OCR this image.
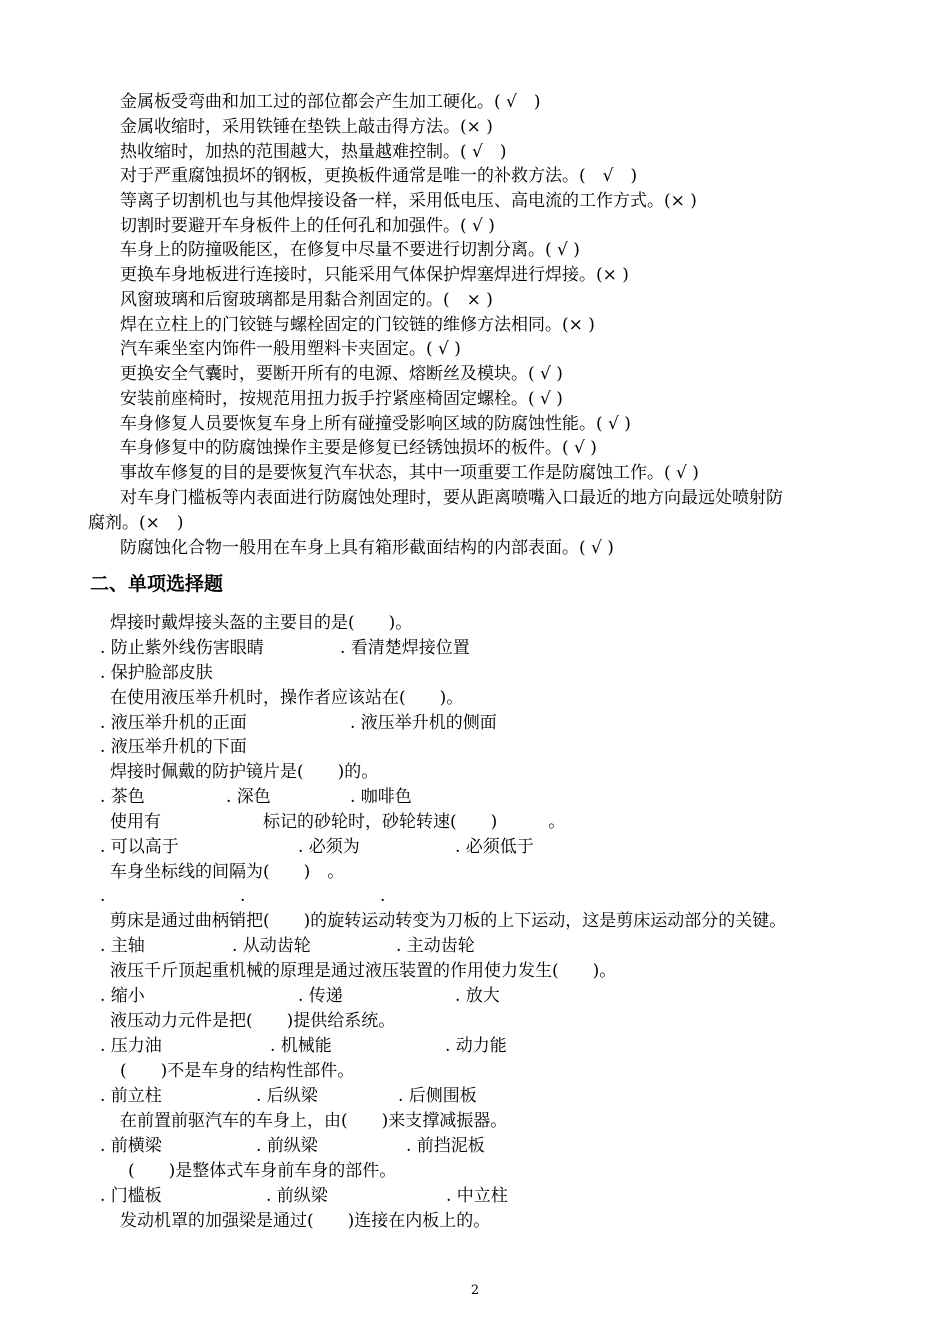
金属板受弯曲和加工过的部位都会产生加工硬化。( √　)
金属收缩时，采用铁锤在垫铁上敲击得方法。(× )
热收缩时，加热的范围越大，热量越难控制。( √　)
对于严重腐蚀损坏的钢板，更换板件通常是唯一的补救方法。(　√　)
等离子切割机也与其他焊接设备一样，采用低电压、高电流的工作方式。(× )
切割时要避开车身板件上的任何孔和加强件。( √ )
车身上的防撞吸能区，在修复中尽量不要进行切割分离。( √ )
更换车身地板进行连接时，只能采用气体保护焊塞焊进行焊接。(× )
风窗玻璃和后窗玻璃都是用黏合剂固定的。(　× )
焊在立柱上的门铰链与螺栓固定的门铰链的维修方法相同。(× )
汽车乘坐室内饰件一般用塑料卡夹固定。( √ )
更换安全气囊时，要断开所有的电源、熔断丝及模块。( √ )
安装前座椅时，按规范用扭力扳手拧紧座椅固定螺栓。( √ )
车身修复人员要恢复车身上所有碰撞受影响区域的防腐蚀性能。( √ )
车身修复中的防腐蚀操作主要是修复已经锈蚀损坏的板件。( √ )
事故车修复的目的是要恢复汽车状态，其中一项重要工作是防腐蚀工作。( √ )
对车身门槛板等内表面进行防腐蚀处理时，要从距离喷嘴入口最近的地方向最远处喷射防
腐剂。(×　)
防腐蚀化合物一般用在车身上具有箱形截面结构的内部表面。( √ )
二、单项选择题
焊接时戴焊接头盔的主要目的是(　　)。
. 防止紫外线伤害眼睛	. 看清楚焊接位置
. 保护脸部皮肤
在使用液压举升机时，操作者应该站在(　　)。
. 液压举升机的正面	. 液压举升机的侧面
. 液压举升机的下面
焊接时佩戴的防护镜片是(　　)的。
. 茶色	. 深色	. 咖啡色
使用有　　　　　　标记的砂轮时，砂轮转速(　　)　　　。
. 可以高于	. 必须为	. 必须低于
车身坐标线的间隔为(　　)　。
.	.	.
剪床是通过曲柄销把(　　)的旋转运动转变为刀板的上下运动，这是剪床运动部分的关键。
. 主轴	. 从动齿轮	. 主动齿轮
液压千斤顶起重机械的原理是通过液压装置的作用使力发生(　　)。
. 缩小	. 传递	. 放大
液压动力元件是把(　　)提供给系统。
. 压力油	. 机械能	. 动力能
(　　)不是车身的结构性部件。
. 前立柱	. 后纵梁	. 后侧围板
在前置前驱汽车的车身上，由(　　)来支撑减振器。
. 前横梁	. 前纵梁	. 前挡泥板
(　　)是整体式车身前车身的部件。
. 门槛板	. 前纵梁	. 中立柱
发动机罩的加强梁是通过(　　)连接在内板上的。
2
